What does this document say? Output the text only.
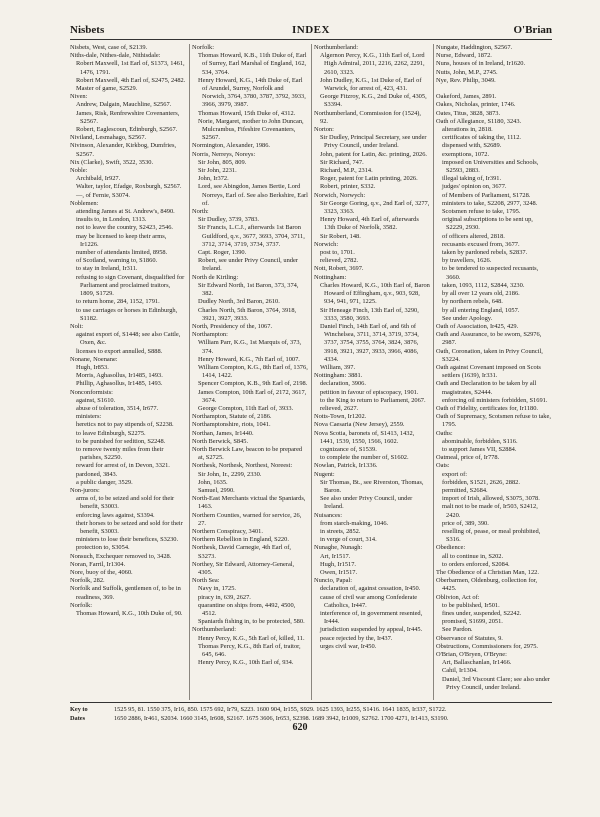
Nisbets	INDEX	O'Brian

Nisbets, West, case of, S2139.

Niths-dale, Nithes-dale, Nithisdale:

Robert Maxwell, 1st Earl of, S1373, 1461, 1476, 1791.

Robert Maxwell, 4th Earl of, S2475, 2482.

Master of game, S2529.

Niven:

Andrew, Dalgain, Mauchline, S2567.

James, Risk, Renfrewshire Covenanters, S2567.

Robert, Eaglescoun, Edinburgh, S2567.

Niviland, Lesmahago, S2567.

Nivinson, Alexander, Kirkbog, Dumfries, S2567.

Nix (Clarke), Swift, 3522, 3530.

Noble:

Archibald, Ir927.

Walter, taylor, Efadge, Roxburgh, S2567.

—, of Fernie, S3074.

Noblemen:

attending James at St. Andrew's, 8490.

insults to, in London, 1313.

not to leave the country, S2423, 2546.

may be licensed to keep their arms, Ir1226.

number of attendants limited, 8958.

of Scotland, warning to, S1860.

to stay in Ireland, Ir311.

refusing to sign Covenant, disqualified for Parliament and proclaimed traitors, 1809, S1729.

to return home, 284, 1152, 1791.

to use carriages or horses in Edinburgh, S1182.

Nolt:

against export of, S1448; see also Cattle, Oxen, &c.

licenses to export annulled, S888.

Nonane, Noenane:

Hugh, Ir853.

Morris, Aghasollus, Ir1485, 1493.

Phillip, Aghasollus, Ir1485, 1493.

Nonconformists:

against, S1610.

abuse of toleration, 3514, Ir677.

ministers:

heretics not to pay stipends of, S2238.

to leave Edinburgh, S2275.

to be punished for sedition, S2248.

to remove twenty miles from their parishes, S2250.

reward for arrest of, in Devon, 3321.

pardoned, 3843.

a public danger, 3529.

Non-jurors:

arms of, to be seized and sold for their benefit, S3003.

enforcing laws against, S3394.

their horses to be seized and sold for their benefit, S3003.

ministers to lose their benefices, S3230.

protection to, S3054.

Nonsuch, Exchequer removed to, 3428.

Noran, Farril, Ir1304.

Nore, buoy of the, 4060.

Norfolk, 282.

Norfolk and Suffolk, gentlemen of, to be in readiness, 369.

Norfolk:

Thomas Howard, K.G., 10th Duke of, 90.

Norfolk:

Thomas Howard, K.B., 11th Duke of, Earl of Surrey, Earl Marshal of England, 162, 534, 3764.

Henry Howard, K.G., 14th Duke of, Earl of Arundel, Surrey, Norfolk and Norwich, 3764, 3780, 3787, 3792, 3933, 3966, 3979, 3987.

Thomas Howard, 15th Duke of, 4312.

Norie, Margaret, mother to John Duncan, Mulcrambus, Fifeshire Covenanters, S2567.

Normington, Alexander, 1986.

Norris, Nerreys, Noreys:

Sir John, 805, 809.

Sir John, 2231.

John, Ir372.

Lord, see Abingdon, James Bertie, Lord Norreys, Earl of. See also Berkshire, Earl of.

North:

Sir Dudley, 3739, 3783.

Sir Francis, L.C.J., afterwards 1st Baron Guildford, q.v., 3677, 3693, 3704, 3711, 3712, 3714, 3719, 3734, 3737.

Capt. Roger, 1390.

Robert, see under Privy Council, under Ireland.

North de Kirtling:

Sir Edward North, 1st Baron, 373, 374, 382.

Dudley North, 3rd Baron, 2610.

Charles North, 5th Baron, 3764, 3918, 3921, 3927, 3933.

North, Presidency of the, 1067.

Northampton:

William Parr, K.G., 1st Marquis of, 373, 374.

Henry Howard, K.G., 7th Earl of, 1007.

William Compton, K.G., 8th Earl of, 1376, 1414, 1422.

Spencer Compton, K.B., 9th Earl of, 2198.

James Compton, 10th Earl of, 2172, 3617, 3674.

George Compton, 11th Earl of, 3933.

Northampton, Statute of, 2186.

Northamptonshire, riots, 1041.

Northan, James, Ir1440.

North Berwick, S845.

North Berwick Law, beacon to be prepared at, S2725.

Northesk, Northesk, Northest, Noreest:

Sir John, Ir., 2299, 2330.

John, 1635.

Samuel, 2990.

North-East Merchants victual the Spaniards, 1463.

Northern Counties, warned for service, 26, 27.

Northern Conspiracy, 3401.

Northern Rebellion in England, S220.

Northesk, David Carnegie, 4th Earl of, S3273.

Northey, Sir Edward, Attorney-General, 4305.

North Sea:

Navy in, 1725.

piracy in, 639, 2627.

quarantine on ships from, 4492, 4500, 4512.

Spaniards fishing in, to be protected, 580.

Northumberland:

Henry Percy, K.G., 5th Earl of, killed, 11.

Thomas Percy, K.G., 8th Earl of, traitor, 645, 646.

Henry Percy, K.G., 10th Earl of, 934.

Northumberland:

Algernon Percy, K.G., 11th Earl of, Lord High Admiral, 2011, 2216, 2262, 2291, 2610, 3323.

John Dudley, K.G., 1st Duke of, Earl of Warwick, for arrest of, 423, 431.

George Fitzroy, K.G., 2nd Duke of, 4305, S3394.

Northumberland, Commission for (1524), 92.

Norton:

Sir Dudley, Principal Secretary, see under Privy Council, under Ireland.

John, patent for Latin, &c. printing, 2026.

Sir Richard, 747.

Richard, M.P., 2314.

Roger, patent for Latin printing, 2026.

Robert, printer, S332.

Norwich, Norwych:

Sir George Goring, q.v., 2nd Earl of, 3277, 3323, 3363.

Henry Howard, 4th Earl of, afterwards 13th Duke of Norfolk, 3582.

Sir Robert, 148.

Norwich:

post to, 1701.

relieved, 2782.

Nott, Robert, 3697.

Nottingham:

Charles Howard, K.G., 10th Earl of, Baron Howard of Effingham, q.v., 903, 928, 934, 941, 971, 1225.

Sir Heneage Finch, 13th Earl of, 3290, 3333, 3580, 3693.

Daniel Finch, 14th Earl of, and 6th of Winchelsea, 3711, 3714, 3719, 3734, 3737, 3754, 3755, 3764, 3824, 3876, 3918, 3921, 3927, 3933, 3966, 4086, 4334.

William, 397.

Nottingham: 3881.

declaration, 3906.

petition in favour of episcopacy, 1901.

to the King to return to Parliament, 2067.

relieved, 2627.

Notts-Town, Ir1202.

Nova Caesaria (New Jersey), 2559.

Nova Scotia, baronets of, S1413, 1432, 1441, 1539, 1550, 1566, 1602.

cognizance of, S1539.

to complete the number of, S1602.

Nowlan, Patrick, Ir1336.

Nugent:

Sir Thomas, Bt., see Riverston, Thomas, Baron.

See also under Privy Council, under Ireland.

Nuisances:

from starch-making, 1046.

in streets, 2852.

in verge of court, 314.

Nunaghe, Nunagh:

Art, Ir1517.

Hugh, Ir1517.

Owen, Ir1517.

Nuncio, Papal:

declaration of, against cessation, Ir450.

cause of civil war among Confederate Catholics, Ir447.

interference of, in government resented, Ir444.

jurisdiction suspended by appeal, Ir445.

peace rejected by the, Ir437.

urges civil war, Ir450.

Nungate, Haddington, S2567.

Nurse, Edward, 1872.

Nuns, houses of in Ireland, Ir1620.

Nutts, John, M.P., 2745.

Nye, Rev. Philip, 3049.

Oakeford, James, 2891.

Oakes, Nicholas, printer, 1746.

Oates, Titus, 3828, 3873.

Oath of Allegiance, S1180, 3243.

alterations in, 2818.

certificates of taking the, 1112.

dispensed with, S2689.

exemptions, 1072.

imposed on Universities and Schools, S2593, 2883.

illegal taking of, Ir391.

judges' opinion on, 3677.

of Members of Parliament, S1728.

ministers to take, S2208, 2977, 3248.

Scotsmen refuse to take, 1795.

original subscriptions to be sent up, S2229, 2930.

of officers altered, 2818.

recusants excused from, 3677.

taken by pardoned rebels, S2837.

by travellers, 1626.

to be tendered to suspected recusants, 3660.

taken, 1093, 1112, S2844, 3230.

by all over 12 years old, 2186.

by northern rebels, 648.

by all entering England, 1057.

See under Apology.

Oath of Association, Ir425, 429.

Oath and Assurance, to be sworn, S2976, 2987.

Oath, Coronation, taken in Privy Council, S3224.

Oath against Covenant imposed on Scots settlers (1639), Ir331.

Oath and Declaration to be taken by all magistrates, S2444.

enforcing oil ministers forbidden, S1691.

Oath of Fidelity, certificates for, Ir1180.

Oath of Supremacy, Scotsmen refuse to take, 1795.

Oaths:

abominable, forbidden, S116.

to support James VII, S2884.

Oatmeal, price of, Ir778.

Oats:

export of:

forbidden, S1521, 2626, 2882.

permitted, S2684.

import of Irish, allowed, S3075, 3078.

malt not to be made of, Ir503, S2412, 2420.

price of, 389, 390.

reselling of, pease, or meal prohibited, S316.

Obedience:

all to continue in, S202.

to orders enforced, S2084.

The Obedience of a Christian Man, 122.

Oberbarmen, Oldenburg, collection for, 4425.

Oblivion, Act of:

to be published, Ir501.

fines under, suspended, S2242.

promised, S1699, 2051.

See Pardon.

Observance of Statutes, 9.

Obstructions, Commissioners for, 2975.

O'Brian, O'Bryen, O'Bryne:

Art, Ballaschanlan, Ir1466.

Cahil, Ir1304.

Daniel, 3rd Viscount Clare; see also under Privy Council, under Ireland.

Key to	1525 95, 81. 1550 375, Ir16, 850. 1575 692, Ir79, S223. 1600 904, Ir155, S929. 1625 1393, Ir255, S1416. 1641 1835, Ir337, S1722.
Dates	1650 2886, Ir461, S2034. 1660 3145, Ir608, S2167. 1675 3606, Ir653, S2398. 1689 3942, Ir1009, S2762. 1700 4271, Ir1413, S3190.
620
